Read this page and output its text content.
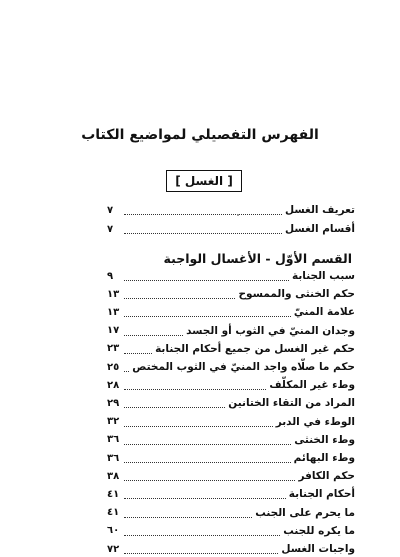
الفهرس التفصيلي لمواضيع الكتاب
[ الغسل ]
تعريف الغسل
٧
أقسام الغسل
٧
القسم الأوّل - الأغسال الواجبة
سبب الجنابة
٩
حكم الخنثى والممسوح
١٣
علامة المنيّ
١٣
وجدان المنيّ في الثوب أو الجسد
١٧
حكم غير الغسل من جميع أحكام الجنابة
٢٣
حكم ما صلّاه واجد المنيّ في الثوب المختص
٢٥
وطء غير المكلّف
٢٨
المراد من التقاء الختانين
٢٩
الوطء في الدبر
٣٢
وطء الخنثى
٣٦
وطء البهائم
٣٦
حكم الكافر
٣٨
أحكام الجنابة
٤١
ما يحرم على الجنب
٤١
ما يكره للجنب
٦٠
واجبات الغسل
٧٢
